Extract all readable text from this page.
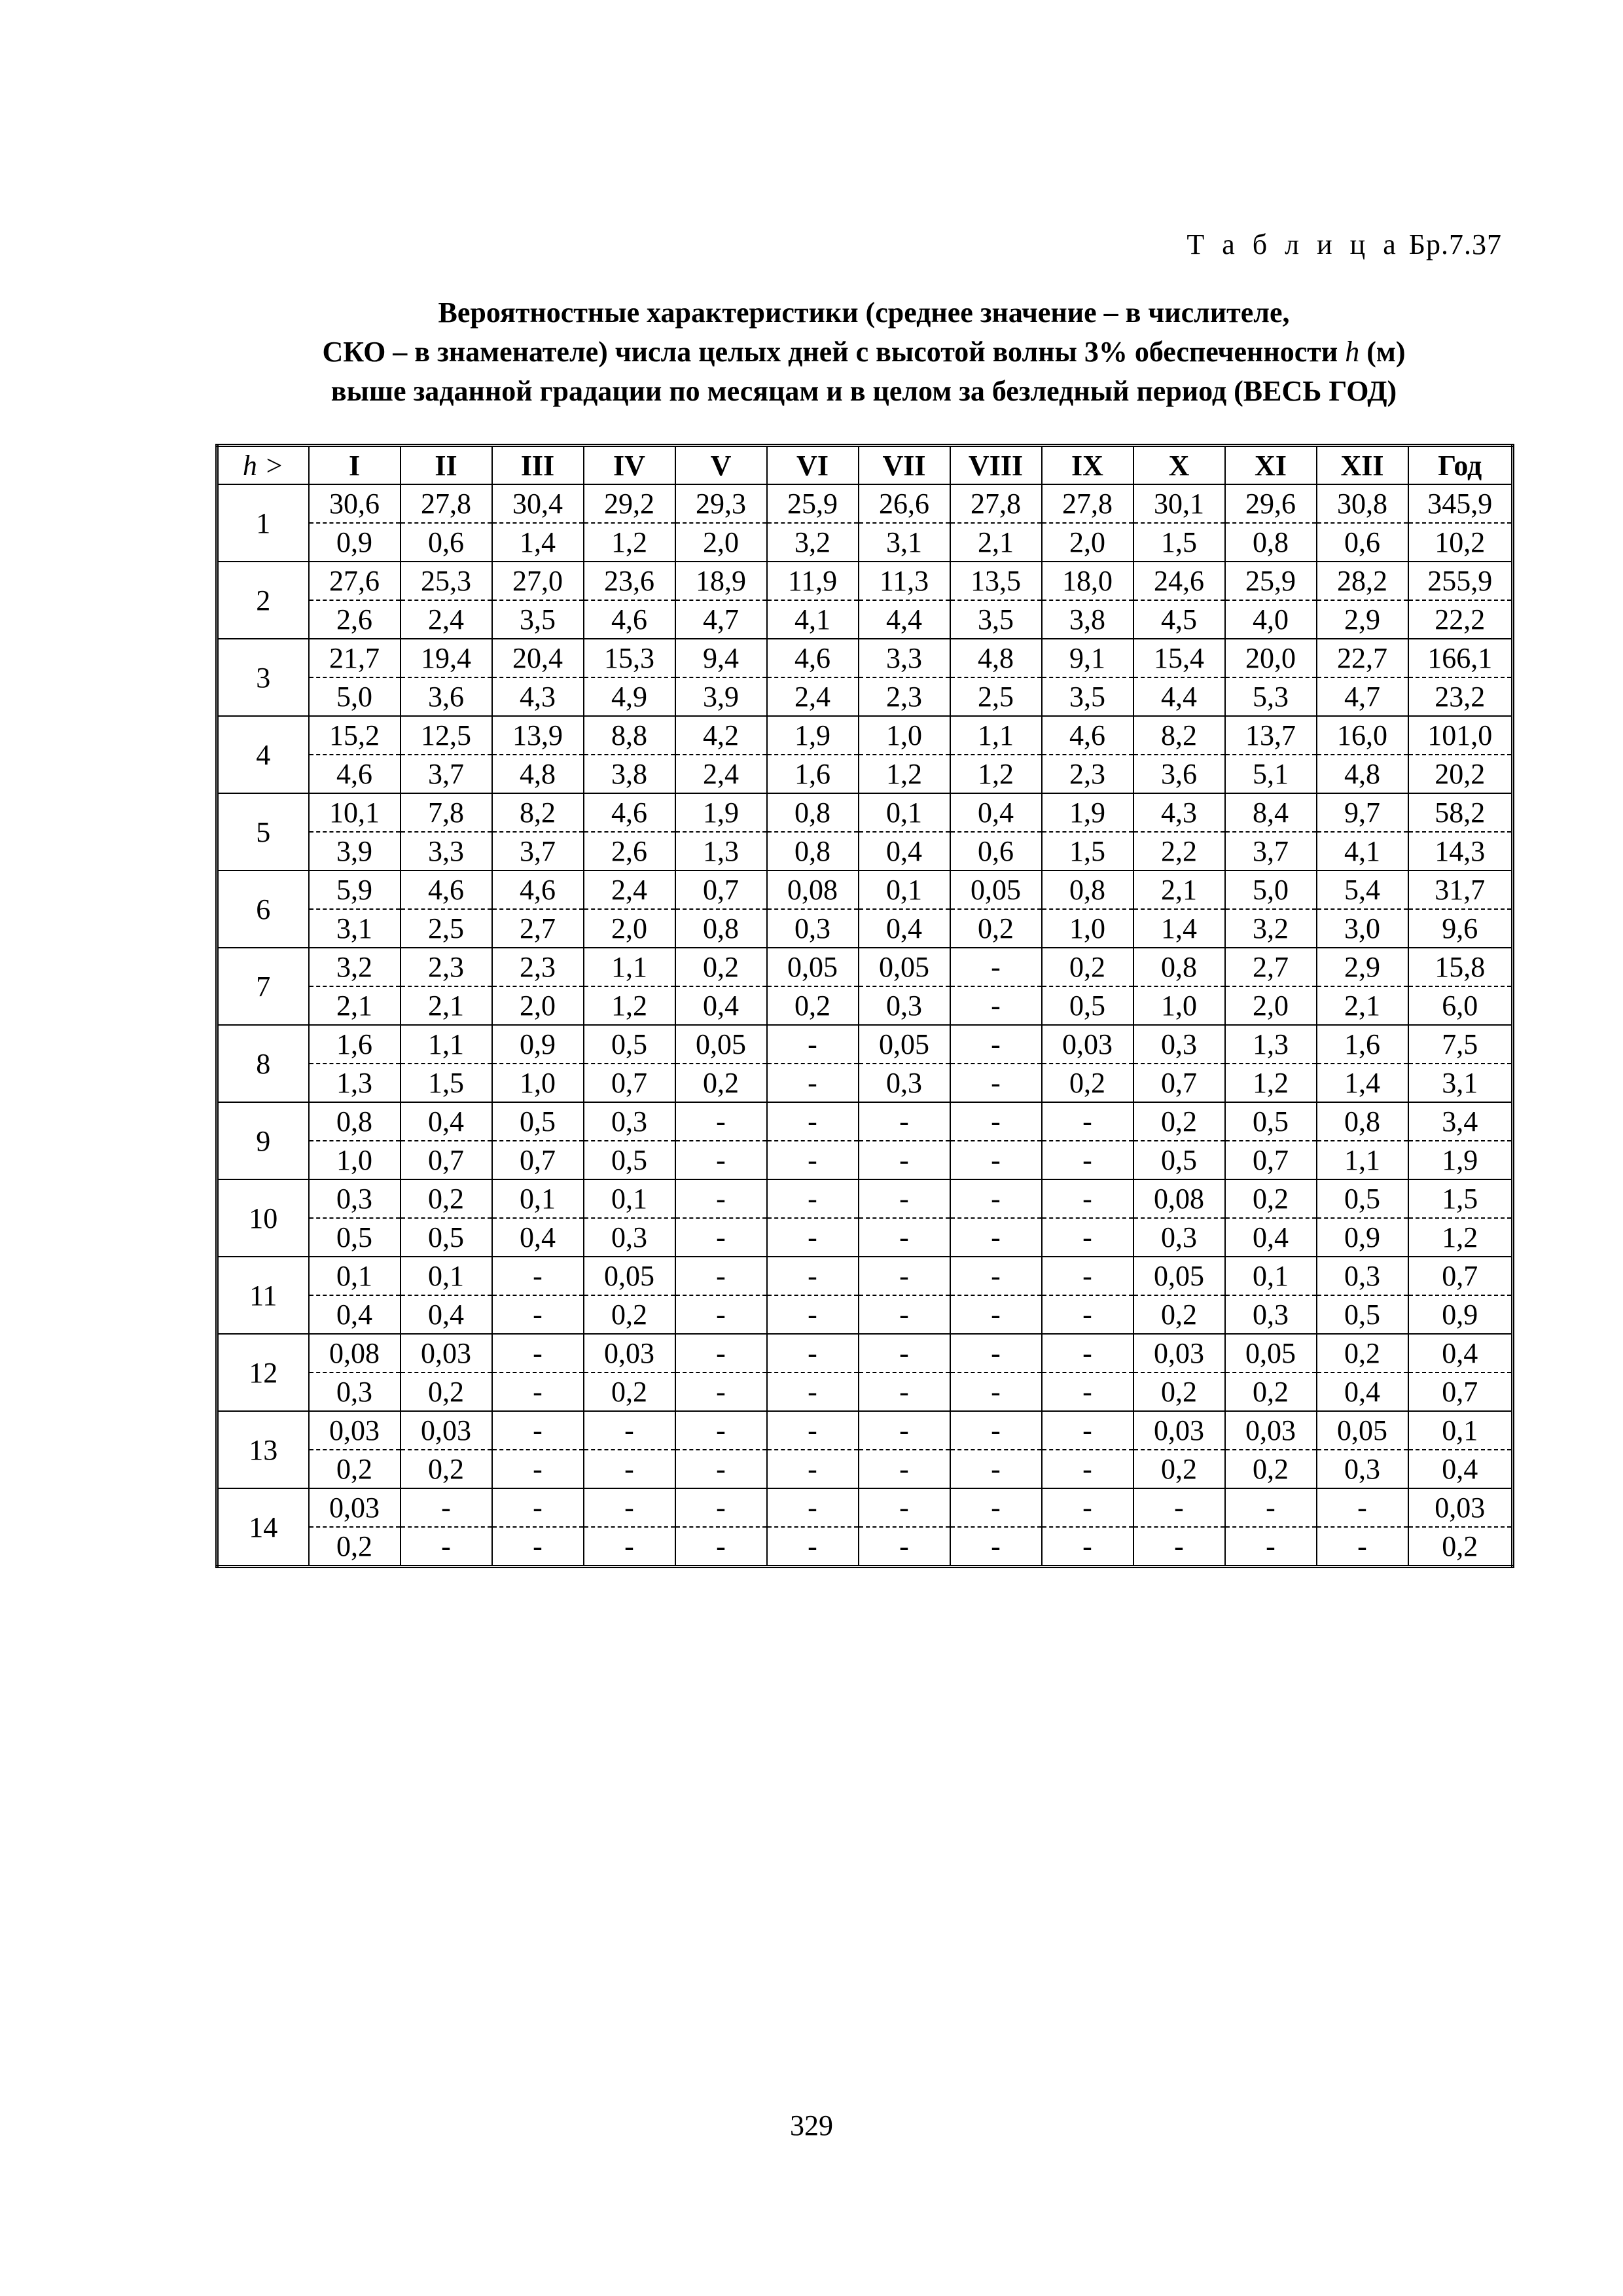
Т а б л и ц а Бр.7.37
Вероятностные характеристики (среднее значение – в числителе,
СКО – в знаменателе) числа целых дней с высотой волны 3% обеспеченности h (м)
выше заданной градации по месяцам и в целом за безледный период (ВЕСЬ ГОД)
h >	I	II	III	IV	V	VI	VII	VIII	IX	X	XI	XII	Год
1	30,6	27,8	30,4	29,2	29,3	25,9	26,6	27,8	27,8	30,1	29,6	30,8	345,9
	0,9	0,6	1,4	1,2	2,0	3,2	3,1	2,1	2,0	1,5	0,8	0,6	10,2
2	27,6	25,3	27,0	23,6	18,9	11,9	11,3	13,5	18,0	24,6	25,9	28,2	255,9
	2,6	2,4	3,5	4,6	4,7	4,1	4,4	3,5	3,8	4,5	4,0	2,9	22,2
3	21,7	19,4	20,4	15,3	9,4	4,6	3,3	4,8	9,1	15,4	20,0	22,7	166,1
	5,0	3,6	4,3	4,9	3,9	2,4	2,3	2,5	3,5	4,4	5,3	4,7	23,2
4	15,2	12,5	13,9	8,8	4,2	1,9	1,0	1,1	4,6	8,2	13,7	16,0	101,0
	4,6	3,7	4,8	3,8	2,4	1,6	1,2	1,2	2,3	3,6	5,1	4,8	20,2
5	10,1	7,8	8,2	4,6	1,9	0,8	0,1	0,4	1,9	4,3	8,4	9,7	58,2
	3,9	3,3	3,7	2,6	1,3	0,8	0,4	0,6	1,5	2,2	3,7	4,1	14,3
6	5,9	4,6	4,6	2,4	0,7	0,08	0,1	0,05	0,8	2,1	5,0	5,4	31,7
	3,1	2,5	2,7	2,0	0,8	0,3	0,4	0,2	1,0	1,4	3,2	3,0	9,6
7	3,2	2,3	2,3	1,1	0,2	0,05	0,05	-	0,2	0,8	2,7	2,9	15,8
	2,1	2,1	2,0	1,2	0,4	0,2	0,3	-	0,5	1,0	2,0	2,1	6,0
8	1,6	1,1	0,9	0,5	0,05	-	0,05	-	0,03	0,3	1,3	1,6	7,5
	1,3	1,5	1,0	0,7	0,2	-	0,3	-	0,2	0,7	1,2	1,4	3,1
9	0,8	0,4	0,5	0,3	-	-	-	-	-	0,2	0,5	0,8	3,4
	1,0	0,7	0,7	0,5	-	-	-	-	-	0,5	0,7	1,1	1,9
10	0,3	0,2	0,1	0,1	-	-	-	-	-	0,08	0,2	0,5	1,5
	0,5	0,5	0,4	0,3	-	-	-	-	-	0,3	0,4	0,9	1,2
11	0,1	0,1	-	0,05	-	-	-	-	-	0,05	0,1	0,3	0,7
	0,4	0,4	-	0,2	-	-	-	-	-	0,2	0,3	0,5	0,9
12	0,08	0,03	-	0,03	-	-	-	-	-	0,03	0,05	0,2	0,4
	0,3	0,2	-	0,2	-	-	-	-	-	0,2	0,2	0,4	0,7
13	0,03	0,03	-	-	-	-	-	-	-	0,03	0,03	0,05	0,1
	0,2	0,2	-	-	-	-	-	-	-	0,2	0,2	0,3	0,4
14	0,03	-	-	-	-	-	-	-	-	-	-	-	0,03
	0,2	-	-	-	-	-	-	-	-	-	-	-	0,2
329
